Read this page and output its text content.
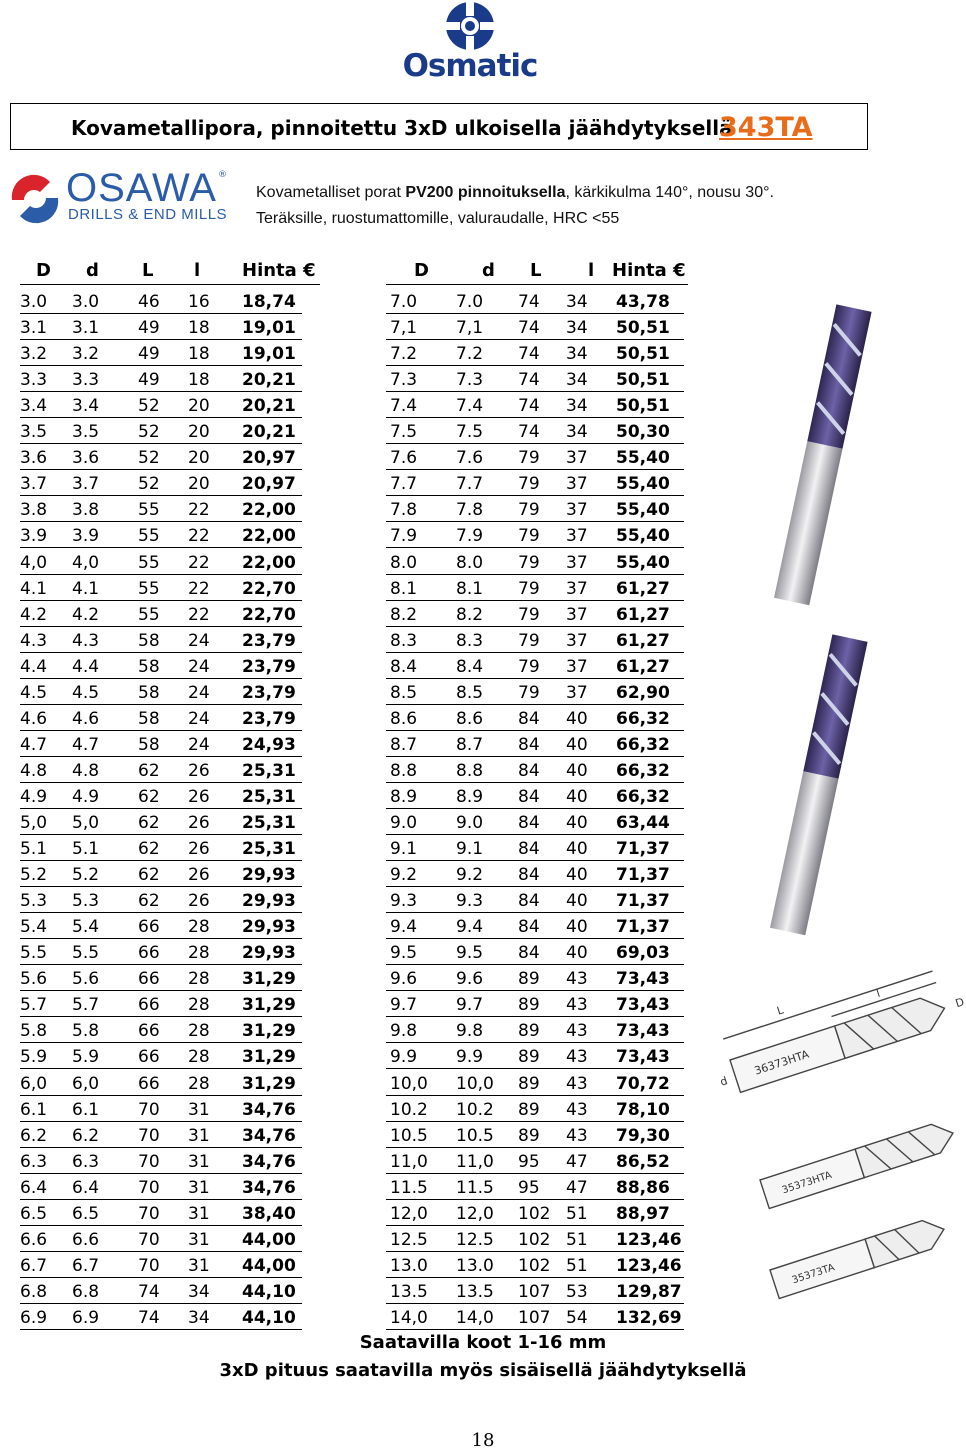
Osmatic
Kovametallipora, pinnoitettu 3xD ulkoisella jäähdytyksellä
343TA
OSAWA ®
DRILLS & END MILLS
Kovametalliset porat PV200 pinnoituksella, kärkikulma 140°, nousu 30°.
Teräksille, ruostumattomille, valuraudalle, HRC <55
D d L l Hinta €	D	d L	l Hinta €
3.0 3.0 46 16 18,74	7.0 7.0 74 34 43,78
3.1 3.1 49 18 19,01	7,1 7,1 74 34 50,51
3.2 3.2 49 18 19,01	7.2 7.2 74 34 50,51
3.3 3.3 49 18 20,21	7.3 7.3 74 34 50,51
3.4 3.4 52 20 20,21	7.4 7.4 74 34 50,51
3.5 3.5 52 20 20,21	7.5 7.5 74 34 50,30
3.6 3.6 52 20 20,97	7.6 7.6 79 37 55,40
3.7 3.7 52 20 20,97	7.7 7.7 79 37 55,40
3.8 3.8 55 22 22,00	7.8 7.8 79 37 55,40
3.9 3.9 55 22 22,00	7.9 7.9 79 37 55,40
4,0 4,0 55 22 22,00	8.0 8.0 79 37 55,40
4.1 4.1 55 22 22,70	8.1 8.1 79 37 61,27
4.2 4.2 55 22 22,70	8.2 8.2 79 37 61,27
4.3 4.3 58 24 23,79	8.3 8.3 79 37 61,27
4.4 4.4 58 24 23,79	8.4 8.4 79 37 61,27
4.5 4.5 58 24 23,79	8.5 8.5 79 37 62,90
4.6 4.6 58 24 23,79	8.6 8.6 84 40 66,32
4.7 4.7 58 24 24,93	8.7 8.7 84 40 66,32
4.8 4.8 62 26 25,31	8.8 8.8 84 40 66,32
4.9 4.9 62 26 25,31	8.9 8.9 84 40 66,32
5,0 5,0 62 26 25,31	9.0 9.0 84 40 63,44
5.1 5.1 62 26 25,31	9.1 9.1 84 40 71,37
5.2 5.2 62 26 29,93	9.2 9.2 84 40 71,37
5.3 5.3 62 26 29,93	9.3 9.3 84 40 71,37
5.4 5.4 66 28 29,93	9.4 9.4 84 40 71,37
5.5 5.5 66 28 29,93	9.5 9.5 84 40 69,03
5.6 5.6 66 28 31,29	9.6 9.6 89 43 73,43
5.7 5.7 66 28 31,29	9.7 9.7 89 43 73,43
5.8 5.8 66 28 31,29	9.8 9.8 89 43 73,43
5.9 5.9 66 28 31,29	9.9 9.9 89 43 73,43
6,0 6,0 66 28 31,29	10,0 10,0 89 43 70,72
6.1 6.1 70 31 34,76	10.2 10.2 89 43 78,10
6.2 6.2 70 31 34,76	10.5 10.5 89 43 79,30
6.3 6.3 70 31 34,76	11,0 11,0 95 47 86,52
6.4 6.4 70 31 34,76	11.5 11.5 95 47 88,86
6.5 6.5 70 31 38,40	12,0 12,0 102 51 88,97
6.6 6.6 70 31 44,00	12.5 12.5 102 51 123,46
6.7 6.7 70 31 44,00	13.0 13.0 102 51 123,46
6.8 6.8 74 34 44,10	13.5 13.5 107 53 129,87
6.9 6.9 74 34 44,10	14,0 14,0 107 54 132,69
Saatavilla koot 1-16 mm
3xD pituus saatavilla myös sisäisellä jäähdytyksellä
18
36373HTA
L
l
D
d
35373HTA
35373TA
